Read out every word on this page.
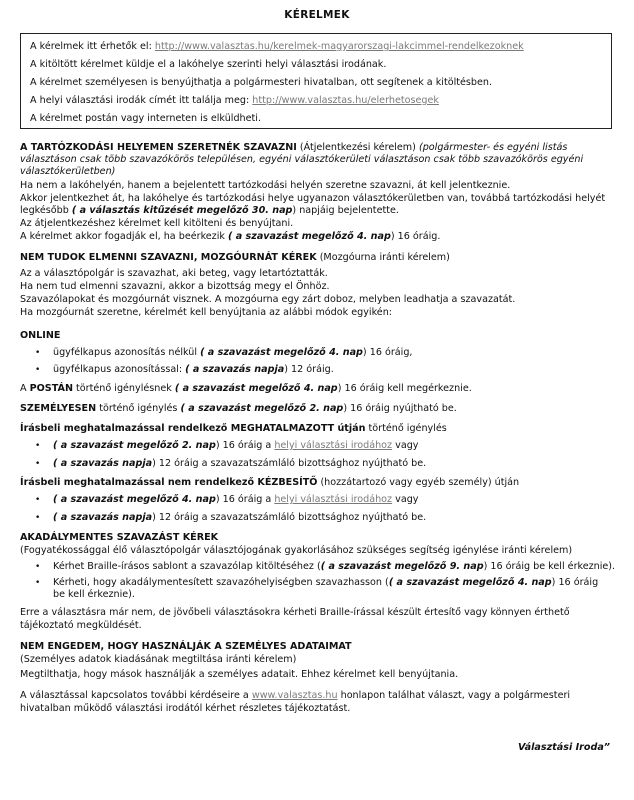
KÉRELMEK
A kérelmek itt érhetők el: http://www.valasztas.hu/kerelmek-magyarorszagi-lakcimmel-rendelkezoknek
A kitöltött kérelmet küldje el a lakóhelye szerinti helyi választási irodának.
A kérelmet személyesen is benyújthatja a polgármesteri hivatalban, ott segítenek a kitöltésben.
A helyi választási irodák címét itt találja meg: http://www.valasztas.hu/elerhetosegek
A kérelmet postán vagy interneten is elküldheti.
A TARTÓZKODÁSI HELYEMEN SZERETNÉK SZAVAZNI (Átjelentkezési kérelem) (polgármester- és egyéni listás
választáson csak több szavazókörös településen, egyéni választókerületi választáson csak több szavazókörös egyéni
választókerületben)
Ha nem a lakóhelyén, hanem a bejelentett tartózkodási helyén szeretne szavazni, át kell jelentkeznie.
Akkor jelentkezhet át, ha lakóhelye és tartózkodási helye ugyanazon választókerületben van, továbbá tartózkodási helyét
legkésőbb ( a választás kitűzését megelőző 30. nap) napjáig bejelentette.
Az átjelentkezéshez kérelmet kell kitölteni és benyújtani.
A kérelmet akkor fogadják el, ha beérkezik ( a szavazást megelőző 4. nap) 16 óráig.
NEM TUDOK ELMENNI SZAVAZNI, MOZGÓURNÁT KÉREK (Mozgóurna iránti kérelem)
Az a választópolgár is szavazhat, aki beteg, vagy letartóztatták.
Ha nem tud elmenni szavazni, akkor a bizottság megy el Önhöz.
Szavazólapokat és mozgóurnát visznek. A mozgóurna egy zárt doboz, melyben leadhatja a szavazatát.
Ha mozgóurnát szeretne, kérelmét kell benyújtania az alábbi módok egyikén:
ONLINE
• ügyfélkapus azonosítás nélkül ( a szavazást megelőző 4. nap) 16 óráig,
• ügyfélkapus azonosítással: ( a szavazás napja) 12 óráig.
A POSTÁN történő igénylésnek ( a szavazást megelőző 4. nap) 16 óráig kell megérkeznie.
SZEMÉLYESEN történő igénylés ( a szavazást megelőző 2. nap) 16 óráig nyújtható be.
Írásbeli meghatalmazással rendelkező MEGHATALMAZOTT útján történő igénylés
• ( a szavazást megelőző 2. nap) 16 óráig a helyi választási irodához vagy
• ( a szavazás napja) 12 óráig a szavazatszámláló bizottsághoz nyújtható be.
Írásbeli meghatalmazással nem rendelkező KÉZBESÍTŐ (hozzátartozó vagy egyéb személy) útján
• ( a szavazást megelőző 4. nap) 16 óráig a helyi választási irodához vagy
• ( a szavazás napja) 12 óráig a szavazatszámláló bizottsághoz nyújtható be.
AKADÁLYMENTES SZAVAZÁST KÉREK
(Fogyatékossággal élő választópolgár választójogának gyakorlásához szükséges segítség igénylése iránti kérelem)
• Kérhet Braille-írásos sablont a szavazólap kitöltéséhez (( a szavazást megelőző 9. nap) 16 óráig be kell érkeznie).
• Kérheti, hogy akadálymentesített szavazóhelyiségben szavazhasson (( a szavazást megelőző 4. nap) 16 óráig
be kell érkeznie).
Erre a választásra már nem, de jövőbeli választásokra kérheti Braille-írással készült értesítő vagy könnyen érthető
tájékoztató megküldését.
NEM ENGEDEM, HOGY HASZNÁLJÁK A SZEMÉLYES ADATAIMAT
(Személyes adatok kiadásának megtiltása iránti kérelem)
Megtilthatja, hogy mások használják a személyes adatait. Ehhez kérelmet kell benyújtania.
A választással kapcsolatos további kérdéseire a www.valasztas.hu honlapon találhat választ, vagy a polgármesteri
hivatalban működő választási irodától kérhet részletes tájékoztatást.
Választási Iroda”
